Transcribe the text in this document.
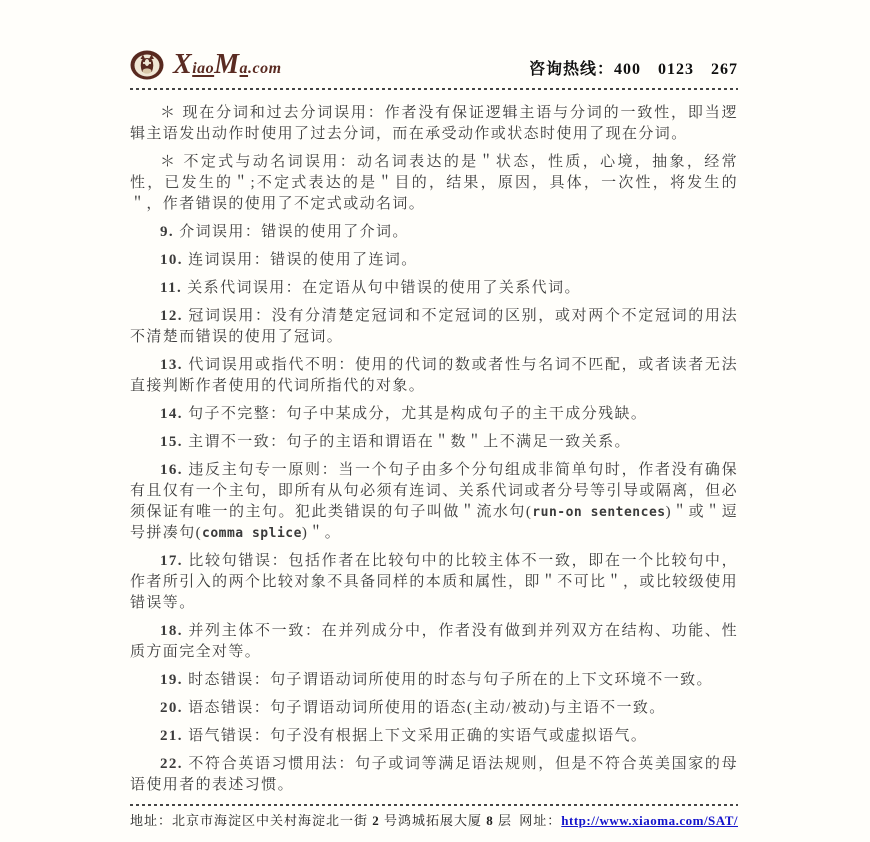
XiaoMa.com	咨询热线：400　0123　267

＊ 现在分词和过去分词误用：作者没有保证逻辑主语与分词的一致性，即当逻辑主语发出动作时使用了过去分词，而在承受动作或状态时使用了现在分词。

＊ 不定式与动名词误用：动名词表达的是＂状态，性质，心境，抽象，经常性，已发生的＂;不定式表达的是＂目的，结果，原因，具体，一次性，将发生的＂，作者错误的使用了不定式或动名词。

9. 介词误用：错误的使用了介词。

10. 连词误用：错误的使用了连词。

11. 关系代词误用：在定语从句中错误的使用了关系代词。

12. 冠词误用：没有分清楚定冠词和不定冠词的区别，或对两个不定冠词的用法不清楚而错误的使用了冠词。

13. 代词误用或指代不明：使用的代词的数或者性与名词不匹配，或者读者无法直接判断作者使用的代词所指代的对象。

14. 句子不完整：句子中某成分，尤其是构成句子的主干成分残缺。

15. 主谓不一致：句子的主语和谓语在＂数＂上不满足一致关系。

16. 违反主句专一原则：当一个句子由多个分句组成非简单句时，作者没有确保有且仅有一个主句，即所有从句必须有连词、关系代词或者分号等引导或隔离，但必须保证有唯一的主句。犯此类错误的句子叫做＂流水句(run-on sentences)＂或＂逗号拼凑句(comma splice)＂。

17. 比较句错误：包括作者在比较句中的比较主体不一致，即在一个比较句中，作者所引入的两个比较对象不具备同样的本质和属性，即＂不可比＂，或比较级使用错误等。

18. 并列主体不一致：在并列成分中，作者没有做到并列双方在结构、功能、性质方面完全对等。

19. 时态错误：句子谓语动词所使用的时态与句子所在的上下文环境不一致。

20. 语态错误：句子谓语动词所使用的语态(主动/被动)与主语不一致。

21. 语气错误：句子没有根据上下文采用正确的实语气或虚拟语气。

22. 不符合英语习惯用法：句子或词等满足语法规则，但是不符合英美国家的母语使用者的表述习惯。

地址：北京市海淀区中关村海淀北一街 2 号鸿城拓展大厦 8 层 网址：http://www.xiaoma.com/SAT/
